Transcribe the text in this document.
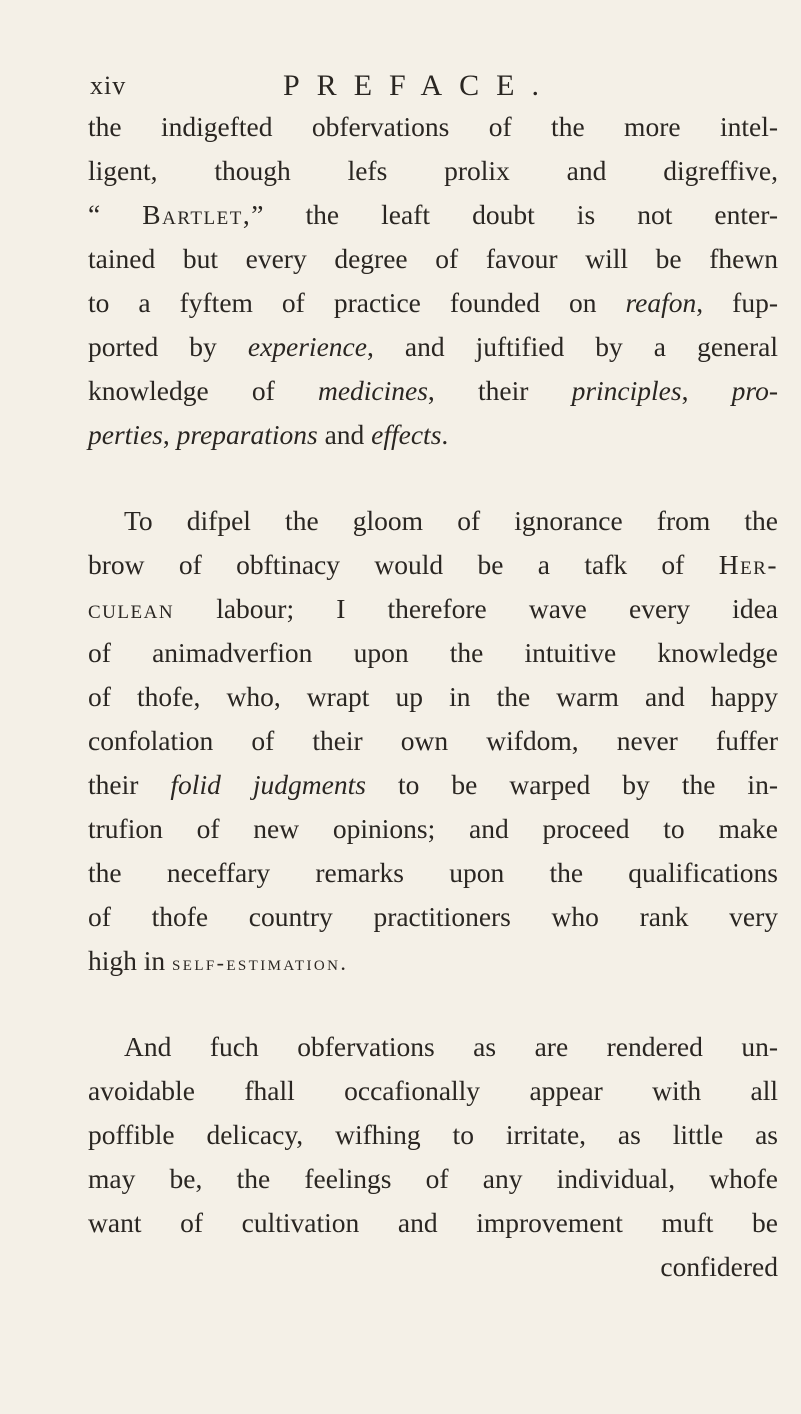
xiv	PREFACE.
the indigefted obfervations of the more intel-
ligent, though lefs prolix and digreffive,
“ Bartlet,” the leaft doubt is not enter-
tained but every degree of favour will be fhewn
to a fyftem of practice founded on reafon, fup-
ported by experience, and juftified by a general
knowledge of medicines, their principles, pro-
perties, preparations and effects.
To difpel the gloom of ignorance from the
brow of obftinacy would be a tafk of Her-
culean labour; I therefore wave every idea
of animadverfion upon the intuitive knowledge
of thofe, who, wrapt up in the warm and happy
confolation of their own wifdom, never fuffer
their folid judgments to be warped by the in-
trufion of new opinions; and proceed to make
the neceffary remarks upon the qualifications
of thofe country practitioners who rank very
high in self-estimation.
And fuch obfervations as are rendered un-
avoidable fhall occafionally appear with all
poffible delicacy, wifhing to irritate, as little as
may be, the feelings of any individual, whofe
want of cultivation and improvement muft be
confidered
